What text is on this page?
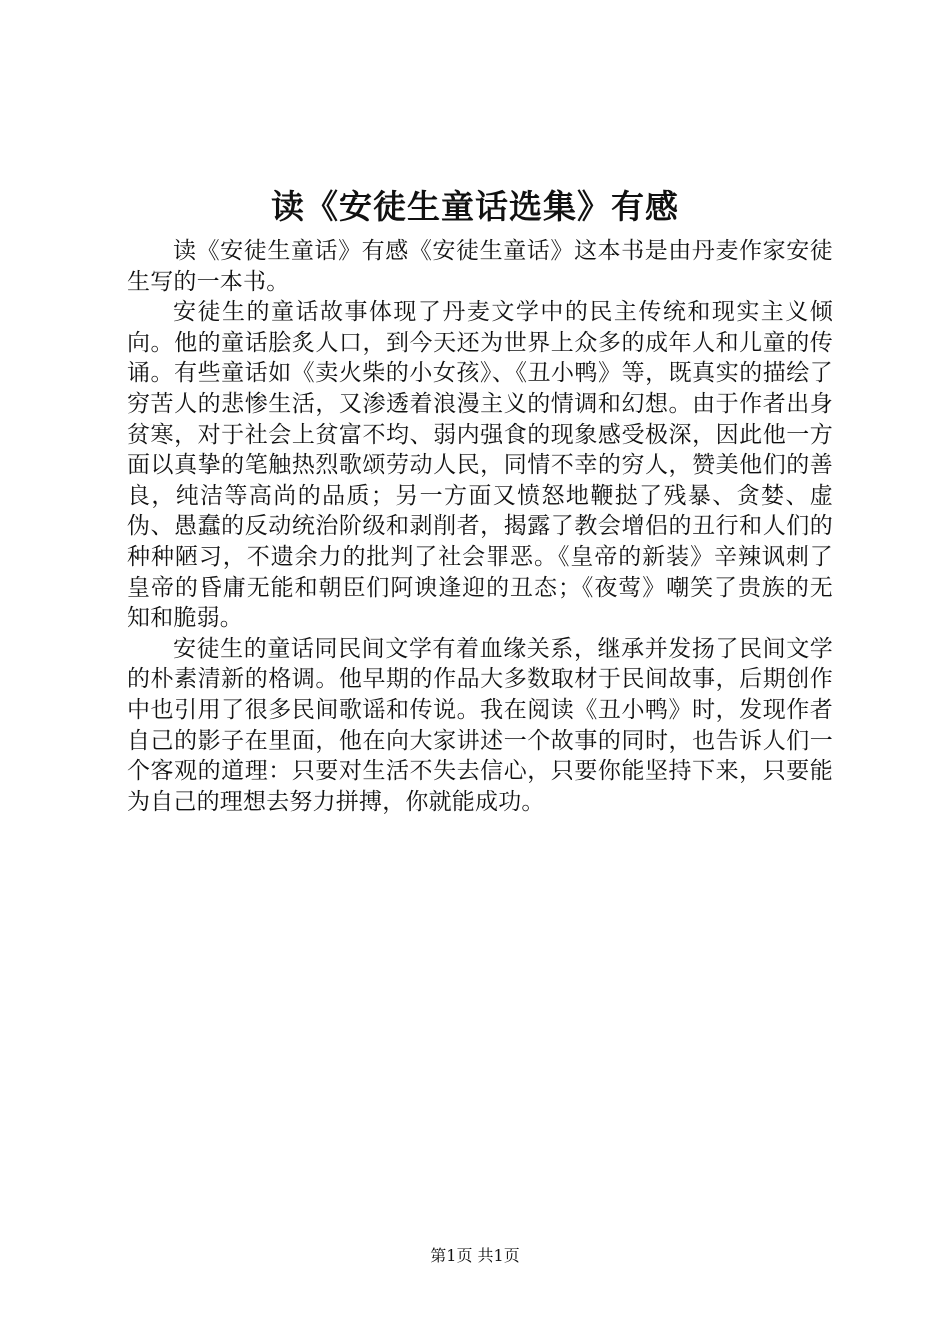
读《安徒生童话选集》有感

读《安徒生童话》有感《安徒生童话》这本书是由丹麦作家安徒生写的一本书。

安徒生的童话故事体现了丹麦文学中的民主传统和现实主义倾向。他的童话脍炙人口，到今天还为世界上众多的成年人和儿童的传诵。有些童话如《卖火柴的小女孩》、《丑小鸭》等，既真实的描绘了穷苦人的悲惨生活，又渗透着浪漫主义的情调和幻想。由于作者出身贫寒，对于社会上贫富不均、弱内强食的现象感受极深，因此他一方面以真挚的笔触热烈歌颂劳动人民，同情不幸的穷人，赞美他们的善良，纯洁等高尚的品质；另一方面又愤怒地鞭挞了残暴、贪婪、虚伪、愚蠢的反动统治阶级和剥削者，揭露了教会增侣的丑行和人们的种种陋习，不遗余力的批判了社会罪恶。《皇帝的新装》辛辣讽刺了皇帝的昏庸无能和朝臣们阿谀逢迎的丑态；《夜莺》嘲笑了贵族的无知和脆弱。

安徒生的童话同民间文学有着血缘关系，继承并发扬了民间文学的朴素清新的格调。他早期的作品大多数取材于民间故事，后期创作中也引用了很多民间歌谣和传说。我在阅读《丑小鸭》时，发现作者自己的影子在里面，他在向大家讲述一个故事的同时，也告诉人们一个客观的道理：只要对生活不失去信心，只要你能坚持下来，只要能为自己的理想去努力拼搏，你就能成功。

第1页 共1页
